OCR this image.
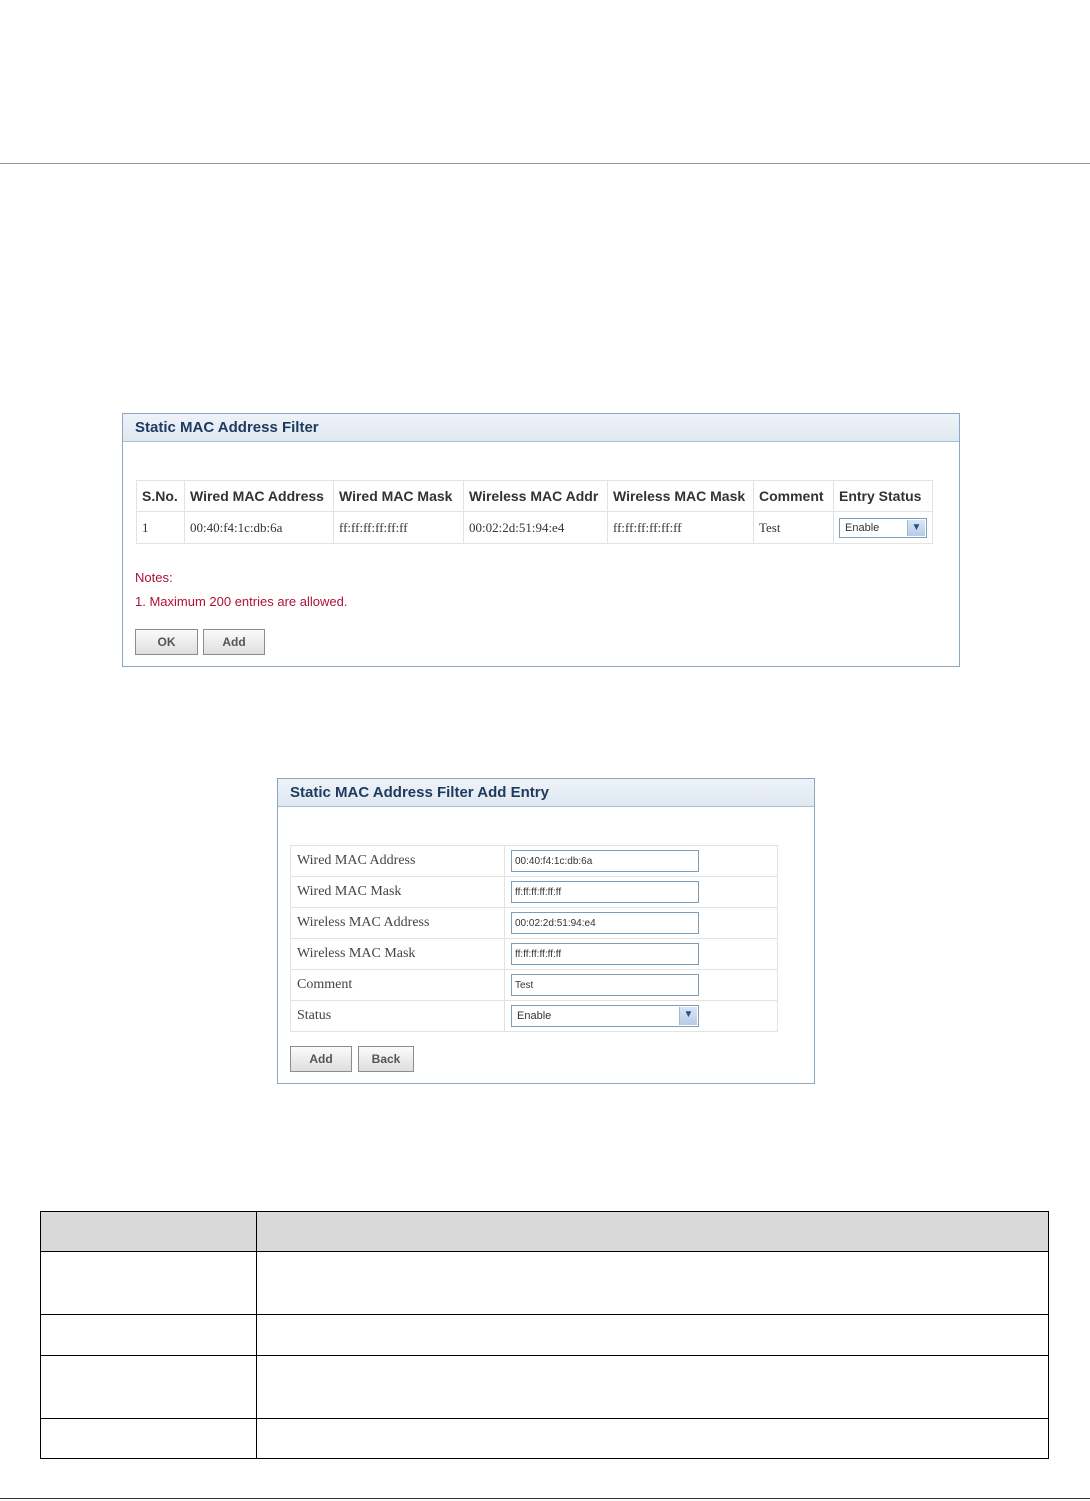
Static MAC Address Filter
S.No.	Wired MAC Address	Wired MAC Mask	Wireless MAC Addr	Wireless MAC Mask	Comment	Entry Status
1	00:40:f4:1c:db:6a	ff:ff:ff:ff:ff:ff	00:02:2d:51:94:e4	ff:ff:ff:ff:ff:ff	Test	Enable ▼
Notes:
1. Maximum 200 entries are allowed.
OK	Add
Static MAC Address Filter Add Entry
Wired MAC Address	00:40:f4:1c:db:6a

Wired MAC Mask	ff:ff:ff:ff:ff:ff

Wireless MAC Address	00:02:2d:51:94:e4

Wireless MAC Mask	ff:ff:ff:ff:ff:ff

Comment	Test

Status	Enable ▼
Add	Back
